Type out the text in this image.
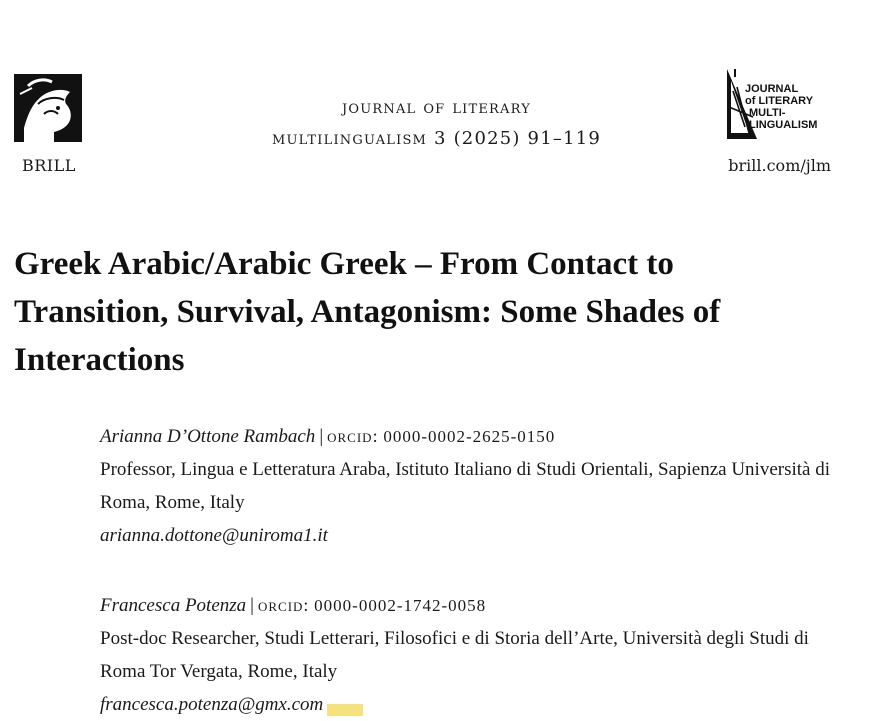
BRILL
journal of literary
multilingualism 3 (2025) 91–119
JOURNAL
of LITERARY
MULTI-
LINGUALISM
brill.com/jlm
Greek Arabic/Arabic Greek – From Contact to Transition, Survival, Antagonism: Some Shades of Interactions
Arianna D’Ottone Rambach | orcid: 0000-0002-2625-0150
Professor, Lingua e Letteratura Araba, Istituto Italiano di Studi Orientali, Sapienza Università di Roma, Rome, Italy
arianna.dottone@uniroma1.it
Francesca Potenza | orcid: 0000-0002-1742-0058
Post-doc Researcher, Studi Letterari, Filosofici e di Storia dell’Arte, Università degli Studi di Roma Tor Vergata, Rome, Italy
francesca.potenza@gmx.com
